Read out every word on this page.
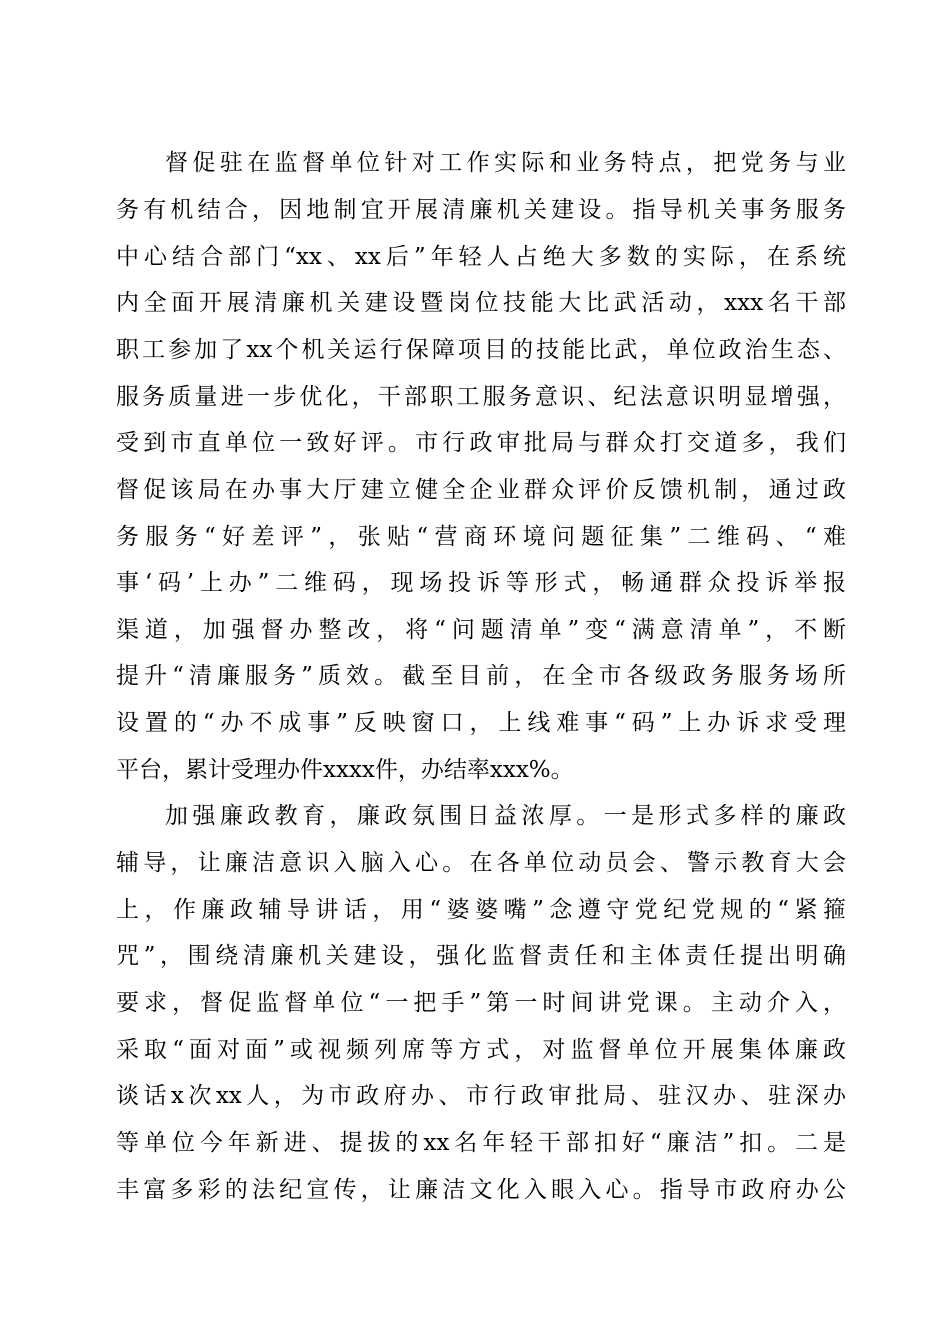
督促驻在监督单位针对工作实际和业务特点，把党务与业
务有机结合，因地制宜开展清廉机关建设。指导机关事务服务
中心结合部门“xx、xx后”年轻人占绝大多数的实际，在系统
内全面开展清廉机关建设暨岗位技能大比武活动，xxx名干部
职工参加了xx个机关运行保障项目的技能比武，单位政治生态、
服务质量进一步优化，干部职工服务意识、纪法意识明显增强，
受到市直单位一致好评。市行政审批局与群众打交道多，我们
督促该局在办事大厅建立健全企业群众评价反馈机制，通过政
务服务“好差评”，张贴“营商环境问题征集”二维码、“难
事‘码’上办”二维码，现场投诉等形式，畅通群众投诉举报
渠道，加强督办整改，将“问题清单”变“满意清单”，不断
提升“清廉服务”质效。截至目前，在全市各级政务服务场所
设置的“办不成事”反映窗口，上线难事“码”上办诉求受理
平台，累计受理办件xxxx件，办结率xxx%。
加强廉政教育，廉政氛围日益浓厚。一是形式多样的廉政
辅导，让廉洁意识入脑入心。在各单位动员会、警示教育大会
上，作廉政辅导讲话，用“婆婆嘴”念遵守党纪党规的“紧箍
咒”，围绕清廉机关建设，强化监督责任和主体责任提出明确
要求，督促监督单位“一把手”第一时间讲党课。主动介入，
采取“面对面”或视频列席等方式，对监督单位开展集体廉政
谈话x次xx人，为市政府办、市行政审批局、驻汉办、驻深办
等单位今年新进、提拔的xx名年轻干部扣好“廉洁”扣。二是
丰富多彩的法纪宣传，让廉洁文化入眼入心。指导市政府办公
